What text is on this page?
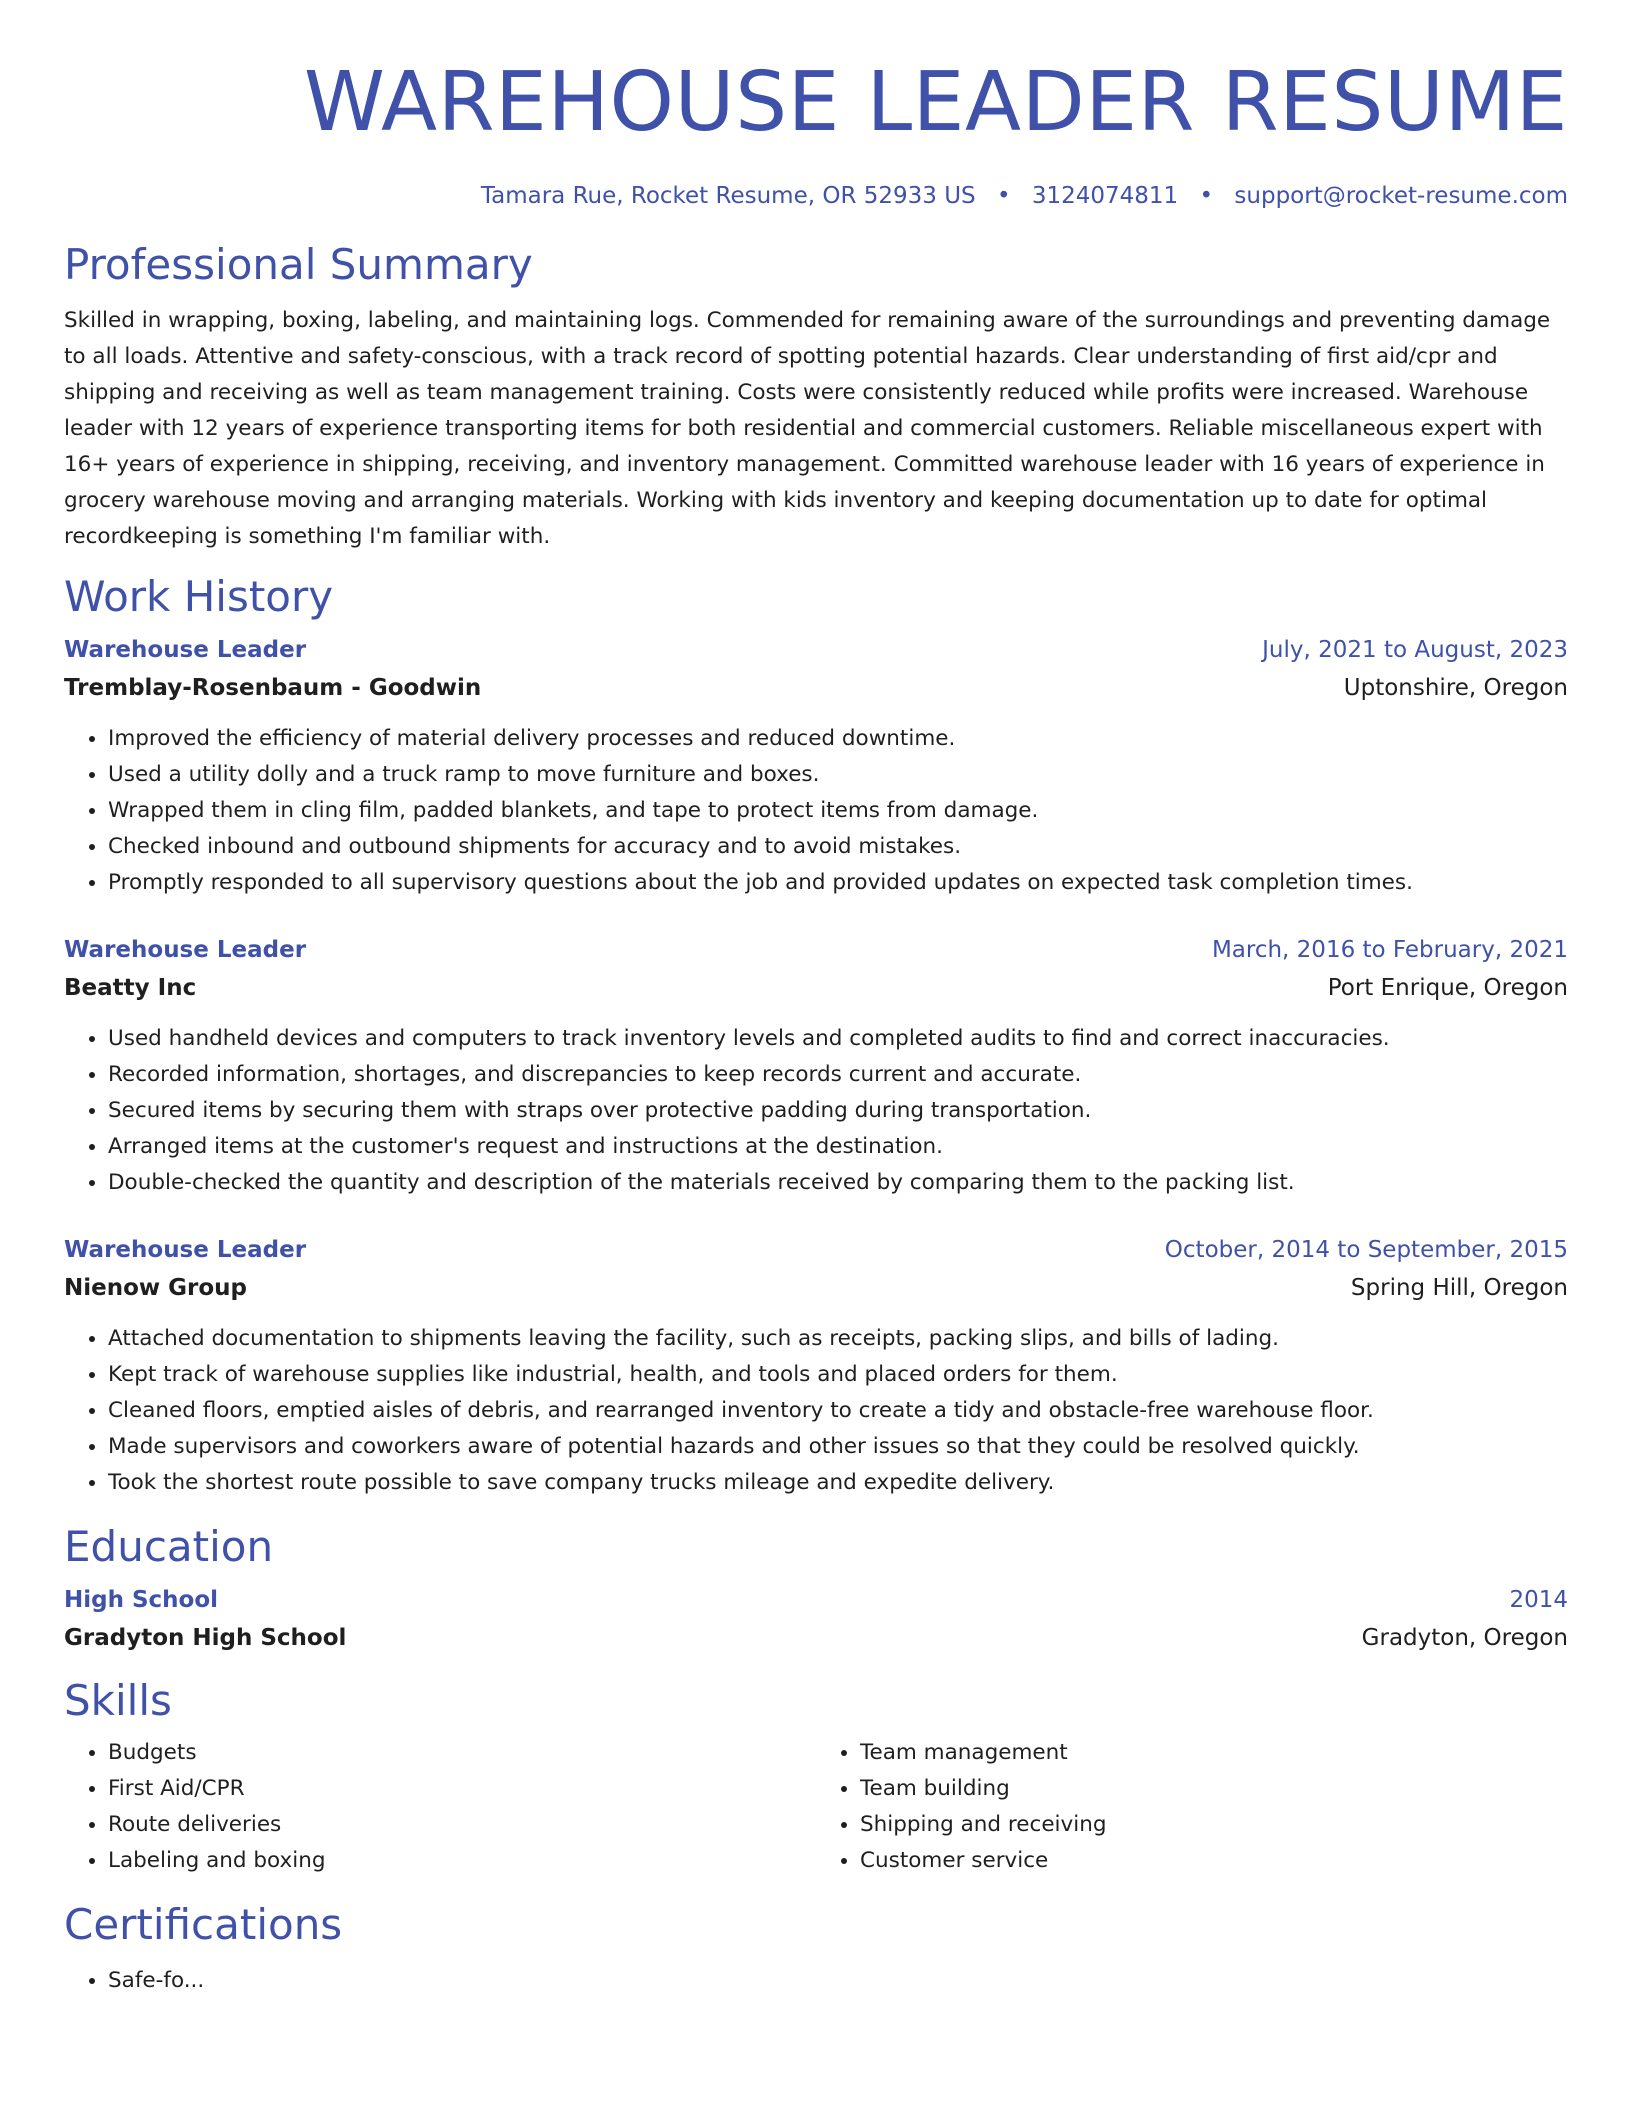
WAREHOUSE LEADER RESUME
Tamara Rue, Rocket Resume, OR 52933 US • 3124074811 • support@rocket-resume.com
Professional Summary

Skilled in wrapping, boxing, labeling, and maintaining logs. Commended for remaining aware of the surroundings and preventing damage to all loads. Attentive and safety-conscious, with a track record of spotting potential hazards. Clear understanding of first aid/cpr and shipping and receiving as well as team management training. Costs were consistently reduced while profits were increased. Warehouse leader with 12 years of experience transporting items for both residential and commercial customers. Reliable miscellaneous expert with 16+ years of experience in shipping, receiving, and inventory management. Committed warehouse leader with 16 years of experience in grocery warehouse moving and arranging materials. Working with kids inventory and keeping documentation up to date for optimal recordkeeping is something I'm familiar with.

Work History
Warehouse Leader	July, 2021 to August, 2023
Tremblay-Rosenbaum - Goodwin	Uptonshire, Oregon
• Improved the efficiency of material delivery processes and reduced downtime.
• Used a utility dolly and a truck ramp to move furniture and boxes.
• Wrapped them in cling film, padded blankets, and tape to protect items from damage.
• Checked inbound and outbound shipments for accuracy and to avoid mistakes.
• Promptly responded to all supervisory questions about the job and provided updates on expected task completion times.
Warehouse Leader	March, 2016 to February, 2021
Beatty Inc	Port Enrique, Oregon
• Used handheld devices and computers to track inventory levels and completed audits to find and correct inaccuracies.
• Recorded information, shortages, and discrepancies to keep records current and accurate.
• Secured items by securing them with straps over protective padding during transportation.
• Arranged items at the customer's request and instructions at the destination.
• Double-checked the quantity and description of the materials received by comparing them to the packing list.
Warehouse Leader	October, 2014 to September, 2015
Nienow Group	Spring Hill, Oregon
• Attached documentation to shipments leaving the facility, such as receipts, packing slips, and bills of lading.
• Kept track of warehouse supplies like industrial, health, and tools and placed orders for them.
• Cleaned floors, emptied aisles of debris, and rearranged inventory to create a tidy and obstacle-free warehouse floor.
• Made supervisors and coworkers aware of potential hazards and other issues so that they could be resolved quickly.
• Took the shortest route possible to save company trucks mileage and expedite delivery.
Education
High School	2014
Gradyton High School	Gradyton, Oregon
Skills
• Budgets
• First Aid/CPR
• Route deliveries
• Labeling and boxing
• Team management
• Team building
• Shipping and receiving
• Customer service
Certifications
• Safe-fo...
